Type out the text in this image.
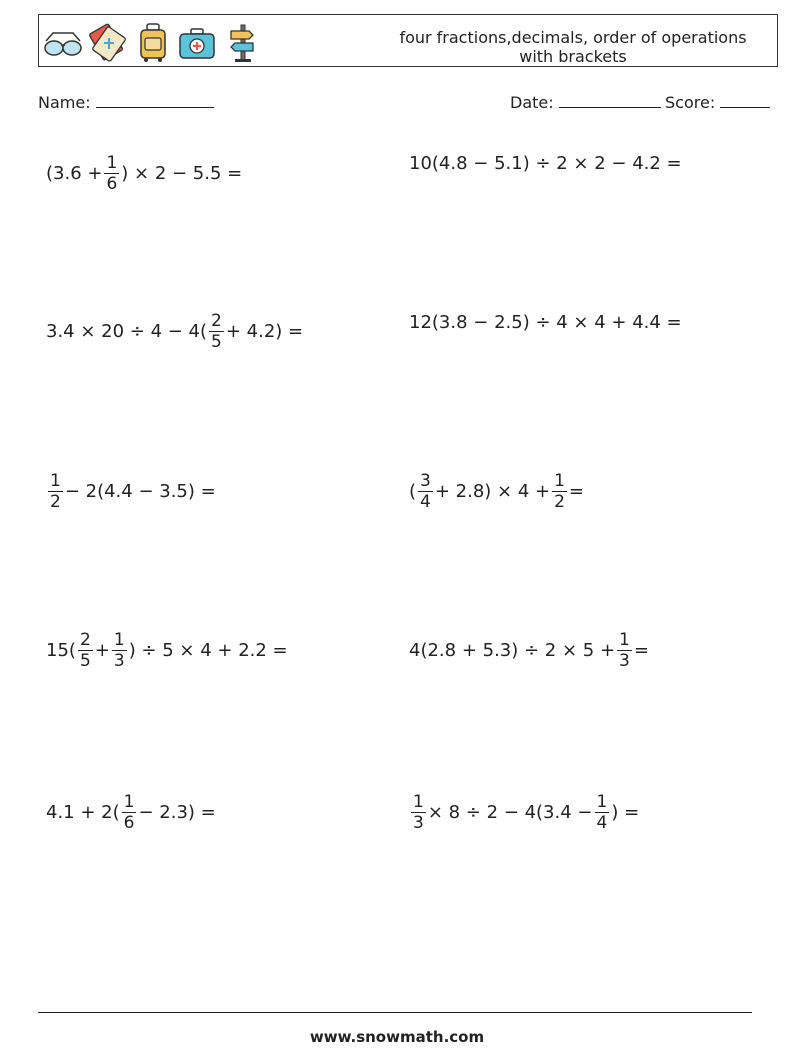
four fractions,decimals, order of operations with brackets
Name:	Date:	Score:
($3.6 + \frac{1}{6}$ ) × 2 − 5.5 =	10(4.8 − 5.1) ÷ 2 × 2 − 4.2 =
$3.4 \times 20 \div 4 - 4( \frac{2}{5} + 4.2)$ =	12(3.8 − 2.5) ÷ 4 × 4 + 4.4 =
$\frac{1}{2} - 2(4.4 - 3.5)$ =	( $\frac{3}{4} + 2.8) \times 4 + \frac{1}{2}$ =
$15( \frac{2}{5} + \frac{1}{3}$ ) ÷ 5 × 4 + 2.2 =	$4(2.8 + 5.3) \div 2 \times 5 + \frac{1}{3}$ =
$4.1 + 2( \frac{1}{6} - 2.3)$ =	$\frac{1}{3} \times 8 \div 2 - 4(3.4 - \frac{1}{4}$ ) =
www.snowmath.com
